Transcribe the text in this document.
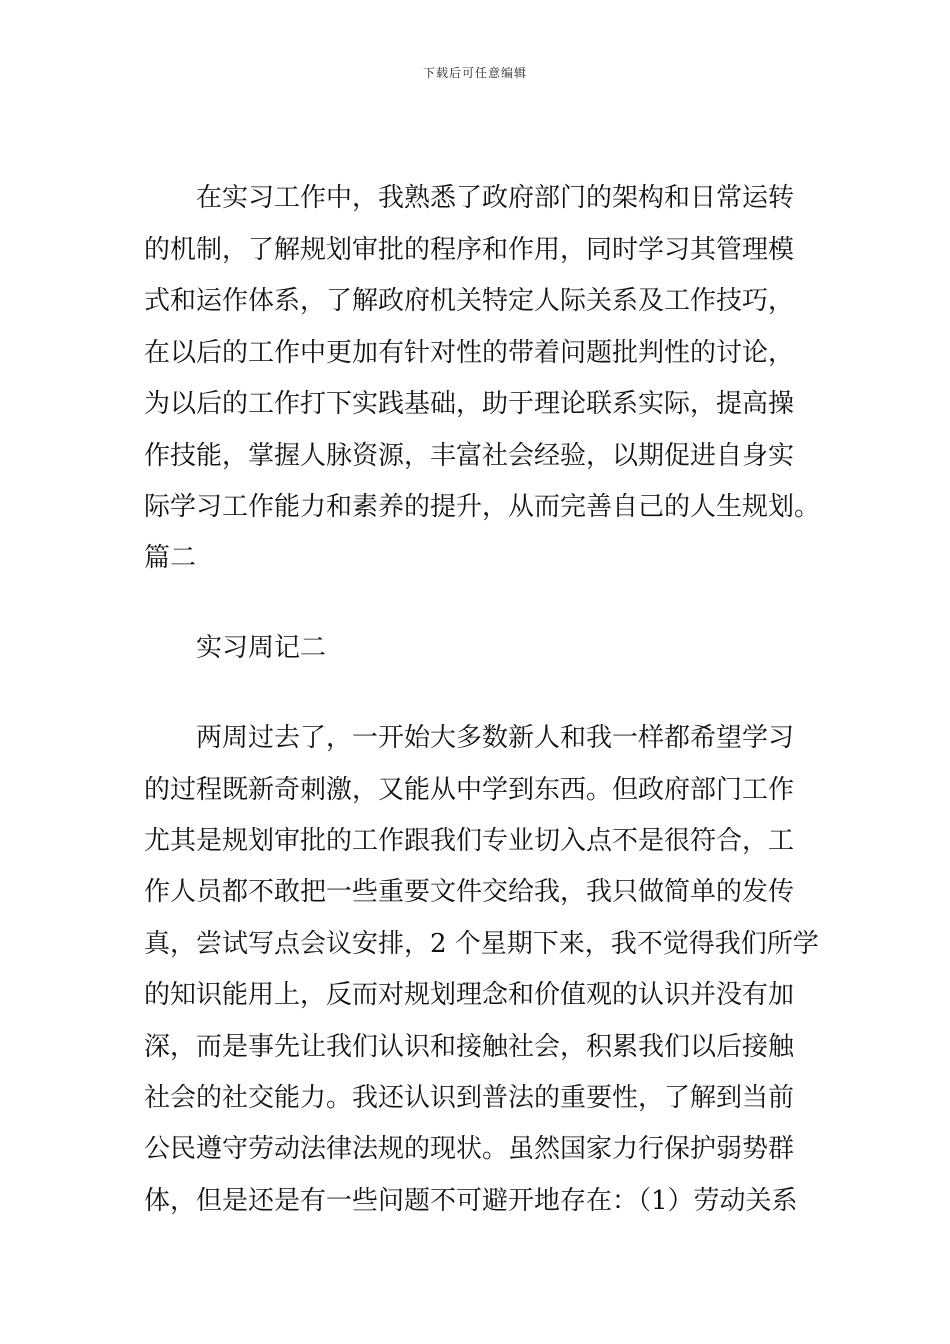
下载后可任意编辑
在实习工作中，我熟悉了政府部门的架构和日常运转
的机制，了解规划审批的程序和作用，同时学习其管理模
式和运作体系，了解政府机关特定人际关系及工作技巧，
在以后的工作中更加有针对性的带着问题批判性的讨论，
为以后的工作打下实践基础，助于理论联系实际，提高操
作技能，掌握人脉资源，丰富社会经验，以期促进自身实
际学习工作能力和素养的提升，从而完善自己的人生规划。
篇二
实习周记二
两周过去了，一开始大多数新人和我一样都希望学习
的过程既新奇刺激，又能从中学到东西。但政府部门工作
尤其是规划审批的工作跟我们专业切入点不是很符合，工
作人员都不敢把一些重要文件交给我，我只做简单的发传
真，尝试写点会议安排，2 个星期下来，我不觉得我们所学
的知识能用上，反而对规划理念和价值观的认识并没有加
深，而是事先让我们认识和接触社会，积累我们以后接触
社会的社交能力。我还认识到普法的重要性，了解到当前
公民遵守劳动法律法规的现状。虽然国家力行保护弱势群
体，但是还是有一些问题不可避开地存在：（1）劳动关系
